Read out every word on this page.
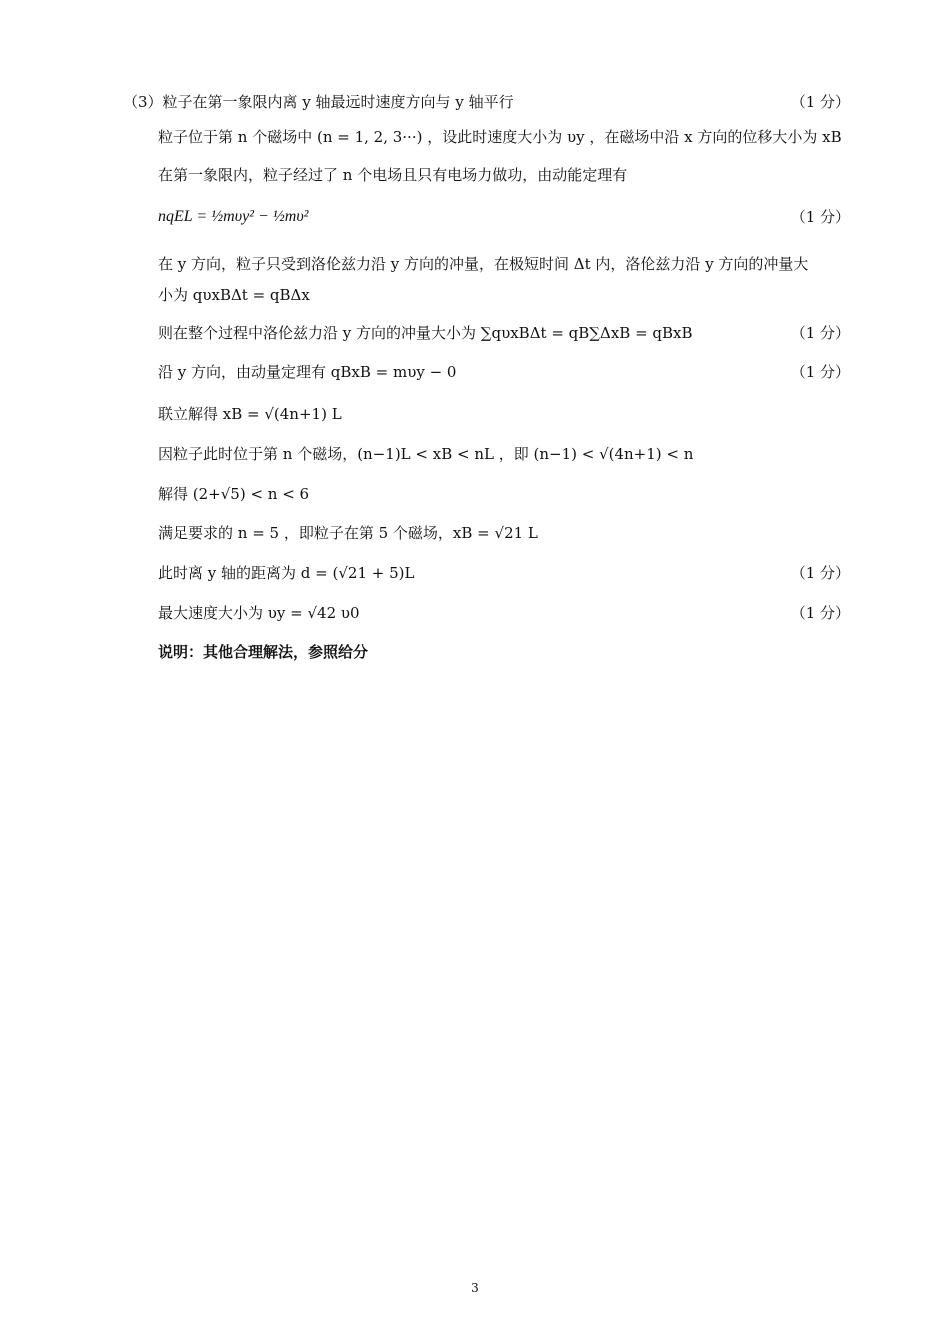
（3）粒子在第一象限内离 y 轴最远时速度方向与 y 轴平行	（1 分）
粒子位于第 n 个磁场中 (n = 1, 2, 3···) ，设此时速度大小为 υy ，在磁场中沿 x 方向的位移大小为 xB
在第一象限内，粒子经过了 n 个电场且只有电场力做功，由动能定理有
nqEL = ½mυy² − ½mυ²	（1 分）
在 y 方向，粒子只受到洛伦兹力沿 y 方向的冲量，在极短时间 Δt 内，洛伦兹力沿 y 方向的冲量大
小为 qυxBΔt = qBΔx
则在整个过程中洛伦兹力沿 y 方向的冲量大小为 ∑qυxBΔt = qB∑ΔxB = qBxB	（1 分）
沿 y 方向，由动量定理有 qBxB = mυy − 0	（1 分）
联立解得 xB = √(4n+1) L
因粒子此时位于第 n 个磁场，(n−1)L < xB < nL ，即 (n−1) < √(4n+1) < n
解得 (2+√5) < n < 6
满足要求的 n = 5 ，即粒子在第 5 个磁场，xB = √21 L
此时离 y 轴的距离为 d = (√21 + 5)L	（1 分）
最大速度大小为 υy = √42 υ0	（1 分）
说明：其他合理解法，参照给分
3
